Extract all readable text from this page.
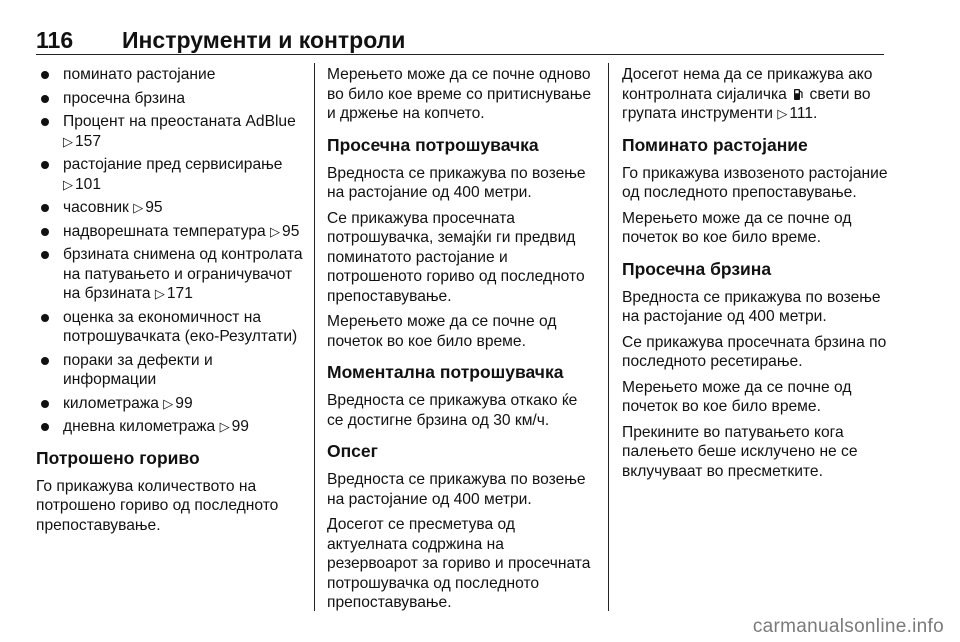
116	Инструменти и контроли
поминато растојание
просечна брзина
Процент на преостаната AdBlue ▷ 157
растојание пред сервисирање ▷ 101
часовник ▷ 95
надворешната температура ▷ 95
брзината снимена од контролата на патувањето и ограничувачот на брзината ▷ 171
оценка за економичност на потрошувачката (еко-Резултати)
пораки за дефекти и информации
километража ▷ 99
дневна километража ▷ 99
Потрошено гориво

Го прикажува количеството на потрошено гориво од последното препоставување.

Мерењето може да се почне одново во било кое време со притиснување и држење на копчето.

Просечна потрошувачка

Вредноста се прикажува по возење на растојание од 400 метри.

Се прикажува просечната потрошувачка, земајќи ги предвид поминатото растојание и потрошеното гориво од последното препоставување.

Мерењето може да се почне од почеток во кое било време.

Моментална потрошувачка

Вредноста се прикажува откако ќе се достигне брзина од 30 км/ч.

Опсег

Вредноста се прикажува по возење на растојание од 400 метри.

Досегот се пресметува од актуелната содржина на резервоарот за гориво и просечната потрошувачка од последното препоставување.

Досегот нема да се прикажува ако контролната сијаличка свети во групата инструменти ▷ 111.

Поминато растојание

Го прикажува извозеното растојание од последното препоставување.

Мерењето може да се почне од почеток во кое било време.

Просечна брзина

Вредноста се прикажува по возење на растојание од 400 метри.

Се прикажува просечната брзина по последното ресетирање.

Мерењето може да се почне од почеток во кое било време.

Прекините во патувањето кога палењето беше исклучено не се вклучуваат во пресметките.

carmanualsonline.info
